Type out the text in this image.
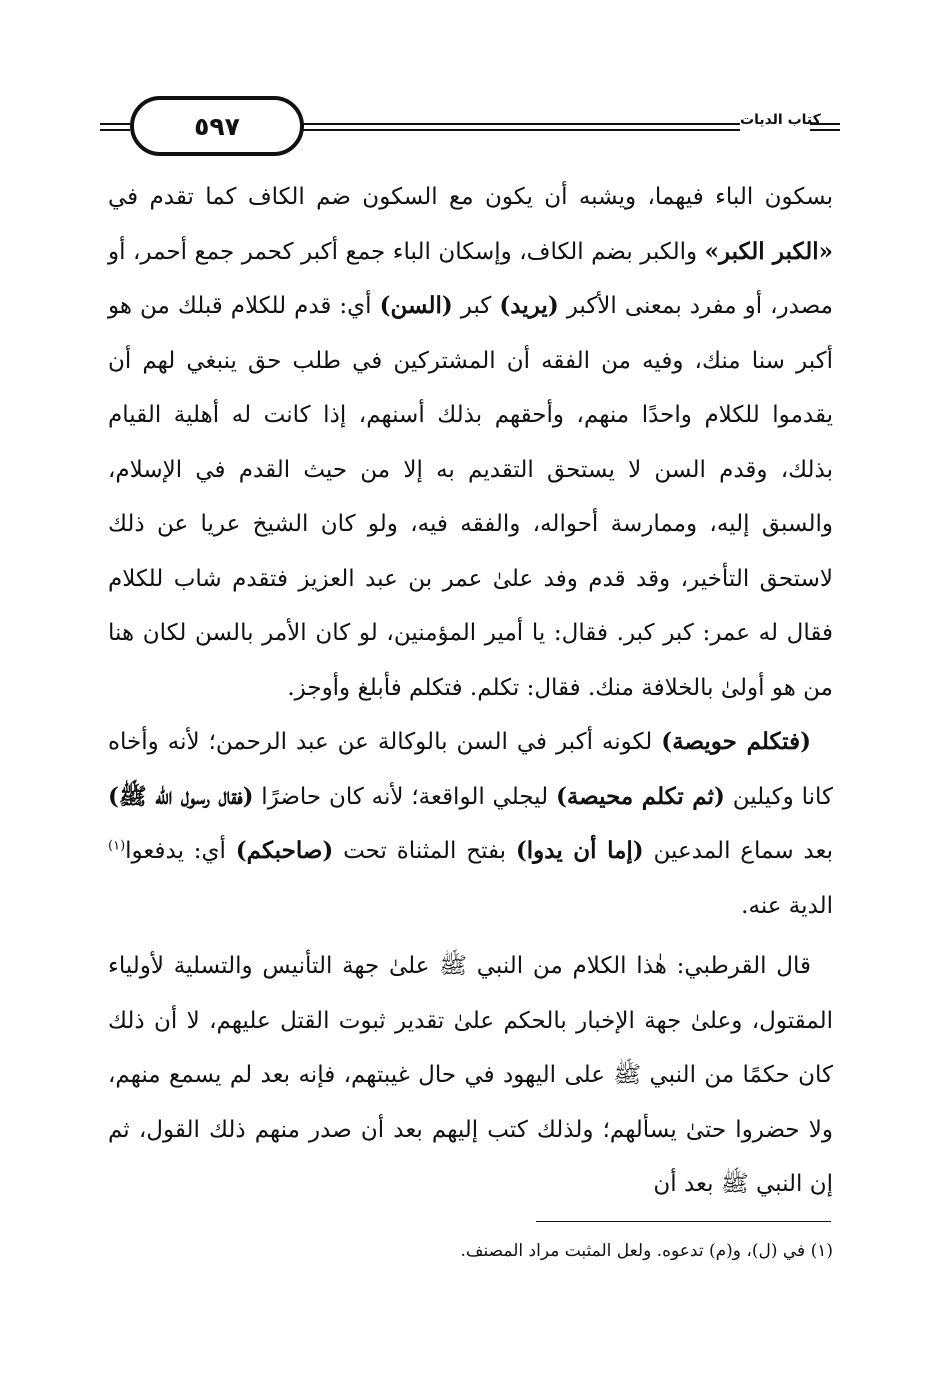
٥٩٧	كتاب الديات

بسكون الباء فيهما، ويشبه أن يكون مع السكون ضم الكاف كما تقدم في «الكبر الكبر» والكبر بضم الكاف، وإسكان الباء جمع أكبر كحمر جمع أحمر، أو مصدر، أو مفرد بمعنى الأكبر (يريد) كبر (السن) أي: قدم للكلام قبلك من هو أكبر سنا منك، وفيه من الفقه أن المشتركين في طلب حق ينبغي لهم أن يقدموا للكلام واحدًا منهم، وأحقهم بذلك أسنهم، إذا كانت له أهلية القيام بذلك، وقدم السن لا يستحق التقديم به إلا من حيث القدم في الإسلام، والسبق إليه، وممارسة أحواله، والفقه فيه، ولو كان الشيخ عريا عن ذلك لاستحق التأخير، وقد قدم وفد علىٰ عمر بن عبد العزيز فتقدم شاب للكلام فقال له عمر: كبر كبر. فقال: يا أمير المؤمنين، لو كان الأمر بالسن لكان هنا من هو أولىٰ بالخلافة منك. فقال: تكلم. فتكلم فأبلغ وأوجز.

(فتكلم حويصة) لكونه أكبر في السن بالوكالة عن عبد الرحمن؛ لأنه وأخاه كانا وكيلين (ثم تكلم محيصة) ليجلي الواقعة؛ لأنه كان حاضرًا (فقال رسول الله ﷺ) بعد سماع المدعين (إما أن يدوا) بفتح المثناة تحت (صاحبكم) أي: يدفعوا$^{(١)}$ الدية عنه.

قال القرطبي: هٰذا الكلام من النبي ﷺ علىٰ جهة التأنيس والتسلية لأولياء المقتول، وعلىٰ جهة الإخبار بالحكم علىٰ تقدير ثبوت القتل عليهم، لا أن ذلك كان حكمًا من النبي ﷺ على اليهود في حال غيبتهم، فإنه بعد لم يسمع منهم، ولا حضروا حتىٰ يسألهم؛ ولذلك كتب إليهم بعد أن صدر منهم ذلك القول، ثم إن النبي ﷺ بعد أن

(١) في (ل)، و(م) تدعوه. ولعل المثبت مراد المصنف.
